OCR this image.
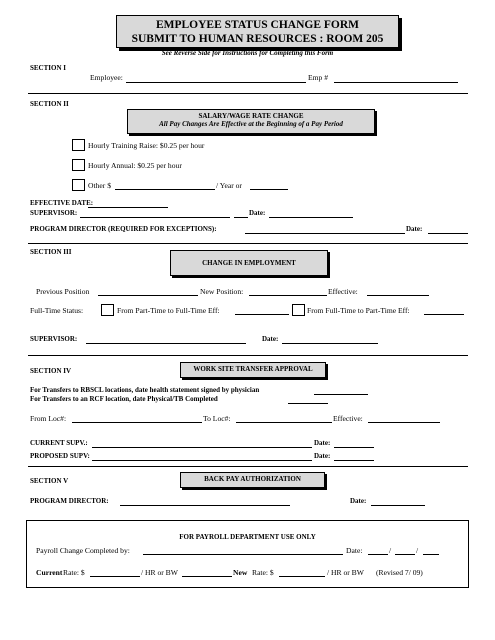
EMPLOYEE STATUS CHANGE FORM
SUBMIT TO HUMAN RESOURCES : ROOM 205
See Reverse Side for Instructions for Completing this Form
SECTION I
Employee:	Emp #
SECTION II
SALARY/WAGE RATE CHANGE
All Pay Changes Are Effective at the Beginning of a Pay Period
Hourly Training Raise: $0.25 per hour
Hourly Annual: $0.25 per hour
Other $	/ Year or
EFFECTIVE DATE:
SUPERVISOR:	Date:
PROGRAM DIRECTOR (REQUIRED FOR EXCEPTIONS):	Date:
SECTION III
CHANGE IN EMPLOYMENT
Previous Position	New Position:	Effective:
Full-Time Status:	From Part-Time to Full-Time Eff:	From Full-Time to Part-Time Eff:
SUPERVISOR:	Date:
SECTION IV	WORK SITE TRANSFER APPROVAL
For Transfers to RBSCL locations, date health statement signed by physician
For Transfers to an RCF location, date Physical/TB Completed
From Loc#:	To Loc#:	Effective:
CURRENT SUPV.:	Date:
PROPOSED SUPV:	Date:
SECTION V	BACK PAY AUTHORIZATION
PROGRAM DIRECTOR:	Date:
FOR PAYROLL DEPARTMENT USE ONLY
Payroll Change Completed by:	Date:	/	/
Current Rate: $	/ HR or BW	New Rate: $	/ HR or BW (Revised 7/ 09)
